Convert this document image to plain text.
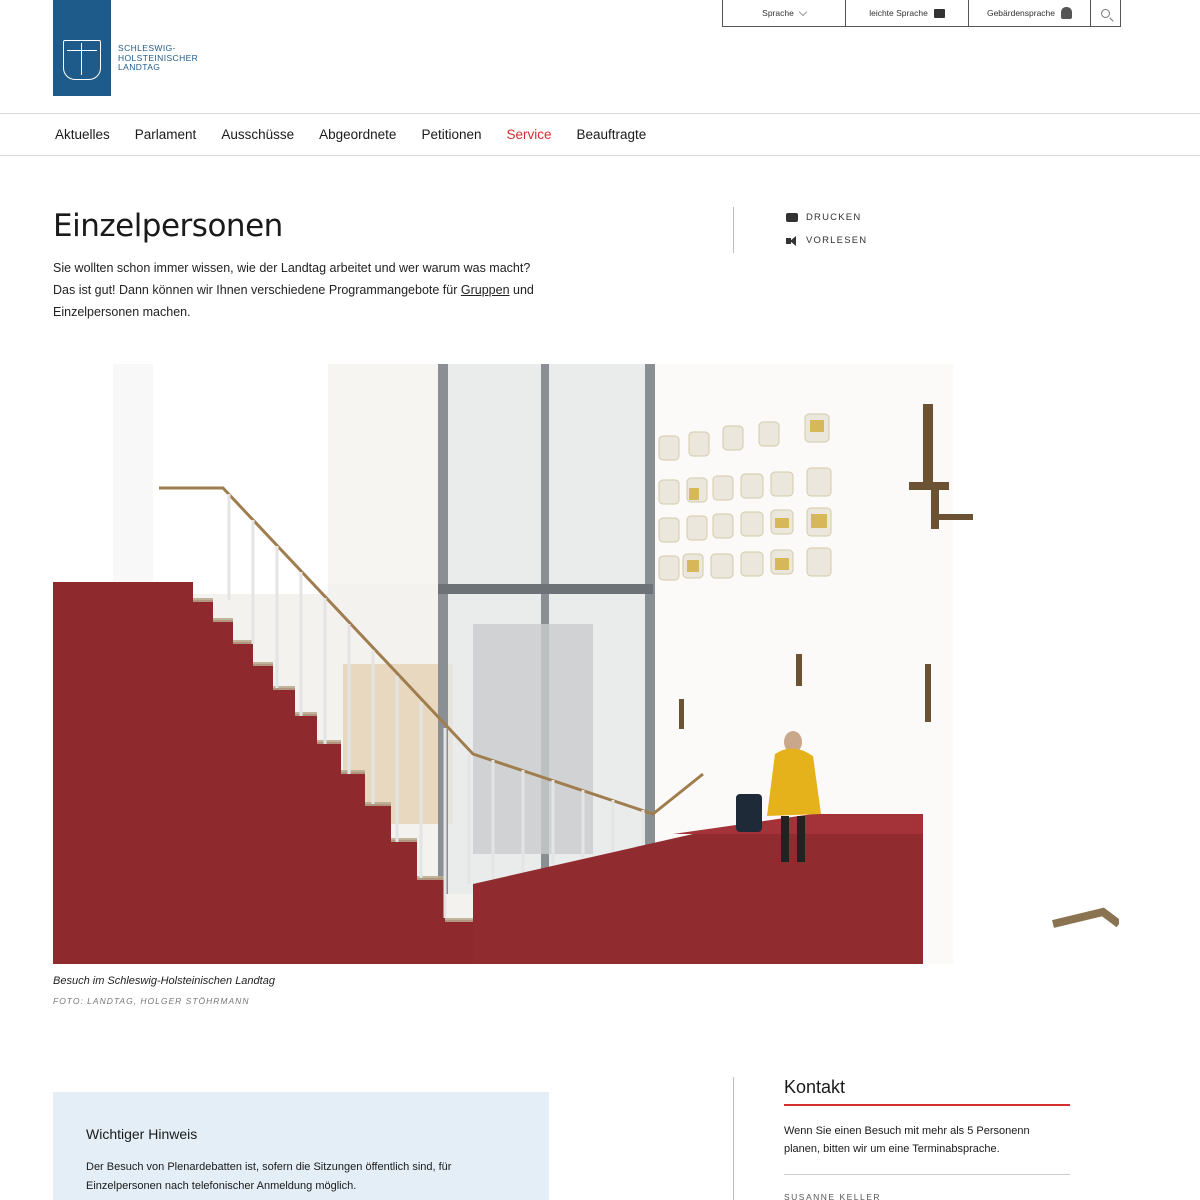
SCHLESWIG-
HOLSTEINISCHER
LANDTAG
Sprache	leichte Sprache	Gebärdensprache
Aktuelles Parlament Ausschüsse Abgeordnete Petitionen Service Beauftragte
Einzelpersonen

Sie wollten schon immer wissen, wie der Landtag arbeitet und wer warum was macht? Das ist gut! Dann können wir Ihnen verschiedene Programmangebote für Gruppen und Einzelpersonen machen.

DRUCKEN
VORLESEN
Besuch im Schleswig-Holsteinischen Landtag
FOTO: LANDTAG, HOLGER STÖHRMANN
Wichtiger Hinweis
Der Besuch von Plenardebatten ist, sofern die Sitzungen öffentlich sind, für Einzelpersonen nach telefonischer Anmeldung möglich.
Kontakt
Wenn Sie einen Besuch mit mehr als 5 Personenn planen, bitten wir um eine Terminabsprache.
SUSANNE KELLER
